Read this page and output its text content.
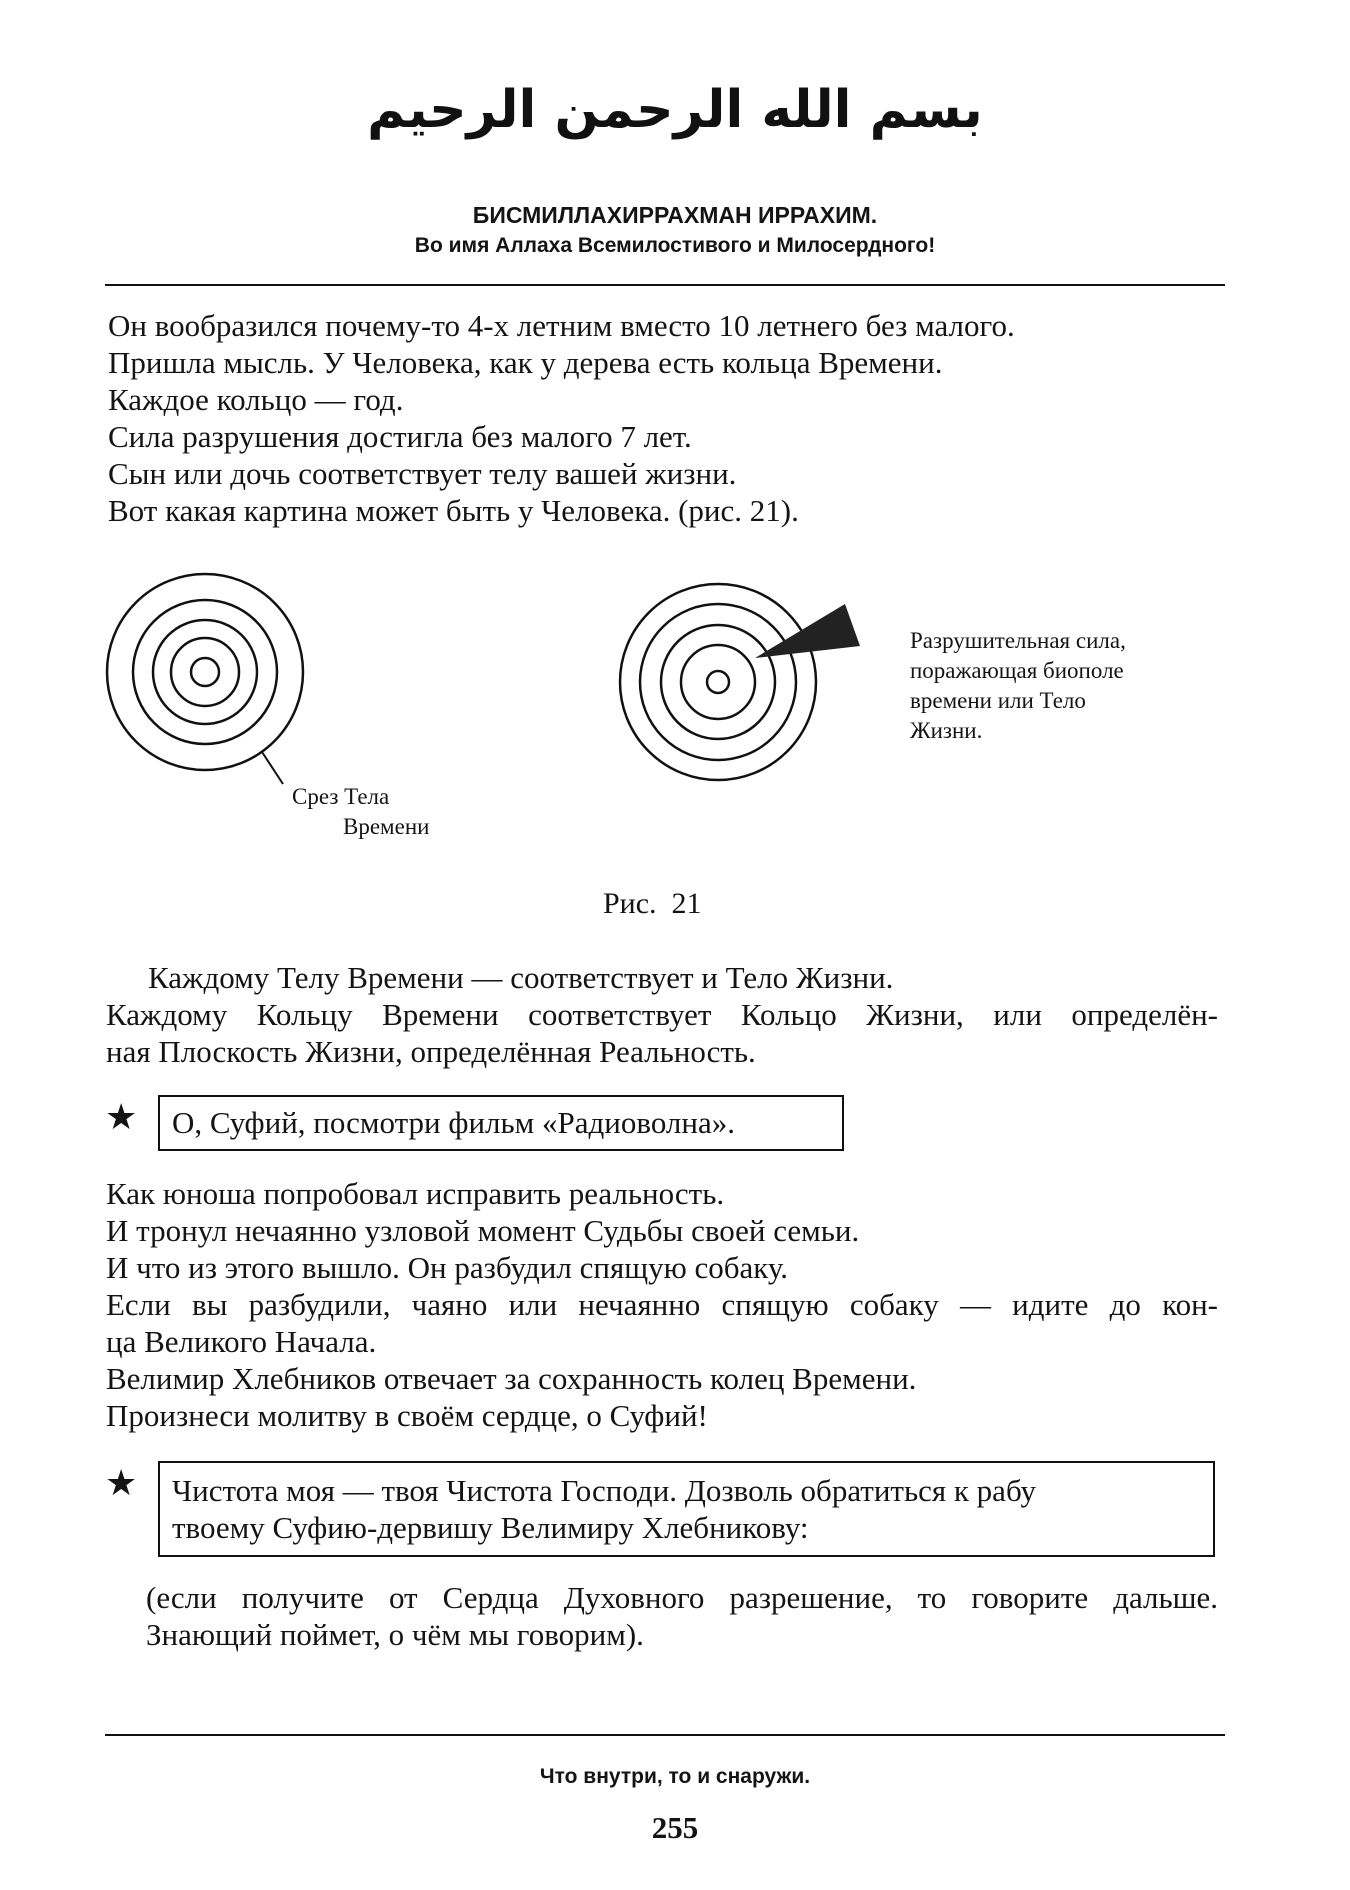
بسم الله الرحمن الرحيم
БИСМИЛЛАХИРРАХМАН ИРРАХИМ.
Во имя Аллаха Всемилостивого и Милосердного!
Он вообразился почему-то 4-х летним вместо 10 летнего без малого.
Пришла мысль. У Человека, как у дерева есть кольца Времени.
Каждое кольцо — год.
Сила разрушения достигла без малого 7 лет.
Сын или дочь соответствует телу вашей жизни.
Вот какая картина может быть у Человека. (рис. 21).
Срез Тела
Времени
Разрушительная сила,
поражающая биополе
времени или Тело
Жизни.
Рис.  21
Каждому Телу Времени — соответствует и Тело Жизни.
Каждому Кольцу Времени соответствует Кольцо Жизни, или определён-
ная Плоскость Жизни, определённая Реальность.
★ О, Суфий, посмотри фильм «Радиоволна».
Как юноша попробовал исправить реальность.
И тронул нечаянно узловой момент Судьбы своей семьи.
И что из этого вышло. Он разбудил спящую собаку.
Если вы разбудили, чаяно или нечаянно спящую собаку — идите до кон-
ца Великого Начала.
Велимир Хлебников отвечает за сохранность колец Времени.
Произнеси молитву в своём сердце, о Суфий!
★ Чистота моя — твоя Чистота Господи. Дозволь обратиться к рабу
твоему Суфию-дервишу Велимиру Хлебникову:
(если получите от Сердца Духовного разрешение, то говорите дальше.
Знающий поймет, о чём мы говорим).
Что внутри, то и снаружи.
255
